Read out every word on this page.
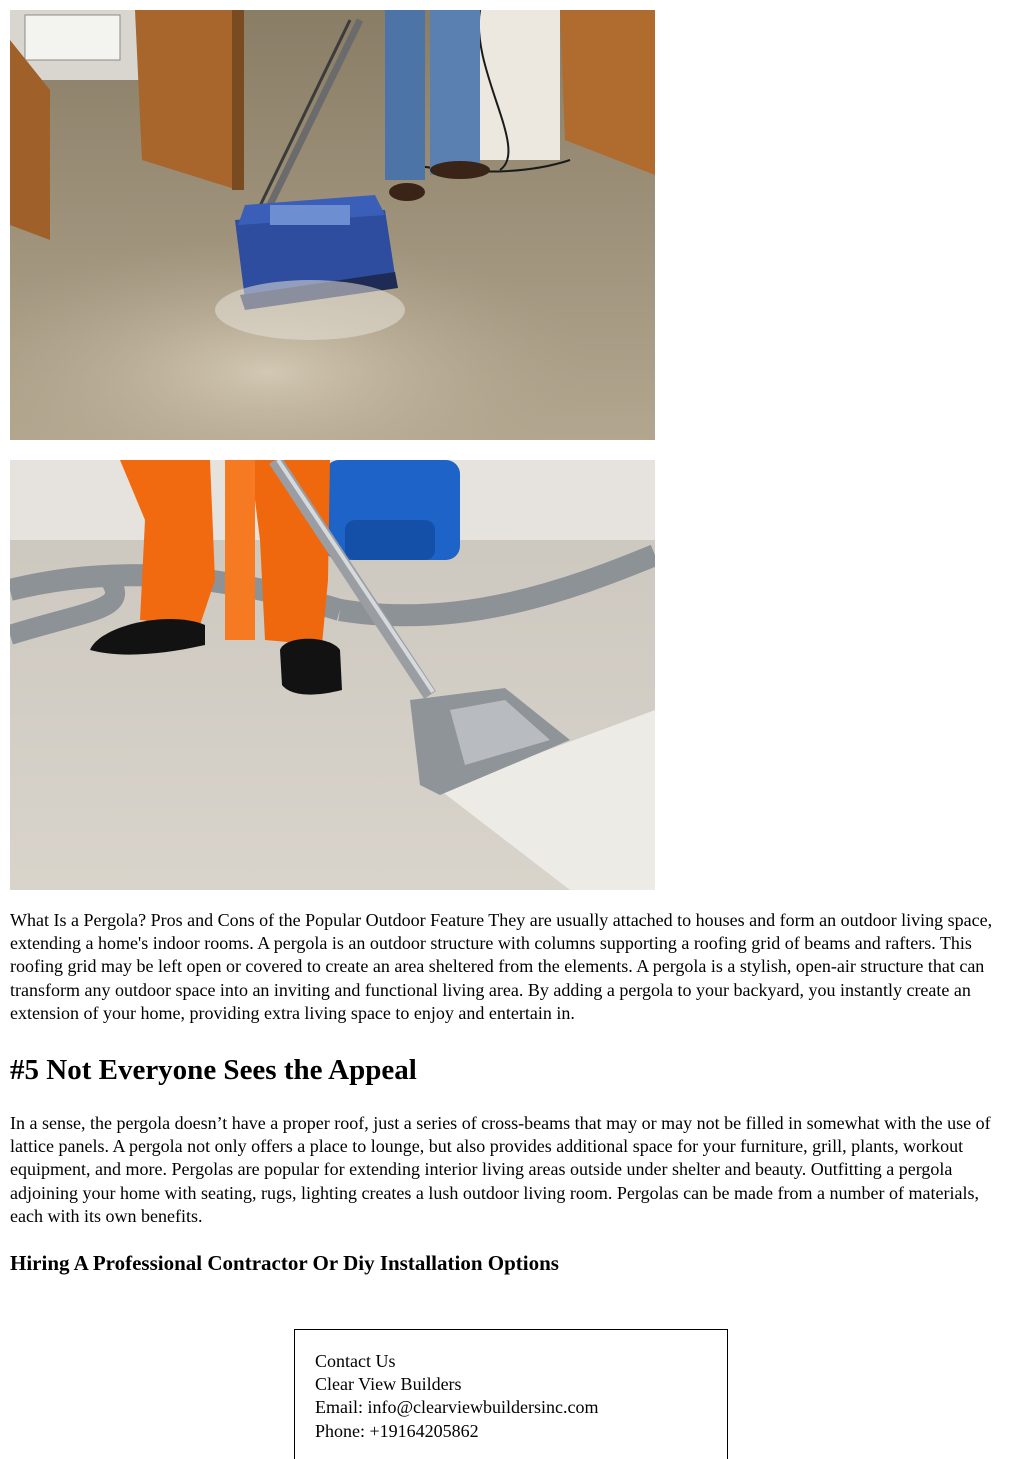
What Is a Pergola? Pros and Cons of the Popular Outdoor Feature They are usually attached to houses and form an outdoor living space, extending a home's indoor rooms. A pergola is an outdoor structure with columns supporting a roofing grid of beams and rafters. This roofing grid may be left open or covered to create an area sheltered from the elements. A pergola is a stylish, open-air structure that can transform any outdoor space into an inviting and functional living area. By adding a pergola to your backyard, you instantly create an extension of your home, providing extra living space to enjoy and entertain in.

#5 Not Everyone Sees the Appeal

In a sense, the pergola doesn’t have a proper roof, just a series of cross-beams that may or may not be filled in somewhat with the use of lattice panels. A pergola not only offers a place to lounge, but also provides additional space for your furniture, grill, plants, workout equipment, and more. Pergolas are popular for extending interior living areas outside under shelter and beauty. Outfitting a pergola adjoining your home with seating, rugs, lighting creates a lush outdoor living room. Pergolas can be made from a number of materials, each with its own benefits.

Hiring A Professional Contractor Or Diy Installation Options
Contact Us
Clear View Builders
Email: info@clearviewbuildersinc.com
Phone: +19164205862
